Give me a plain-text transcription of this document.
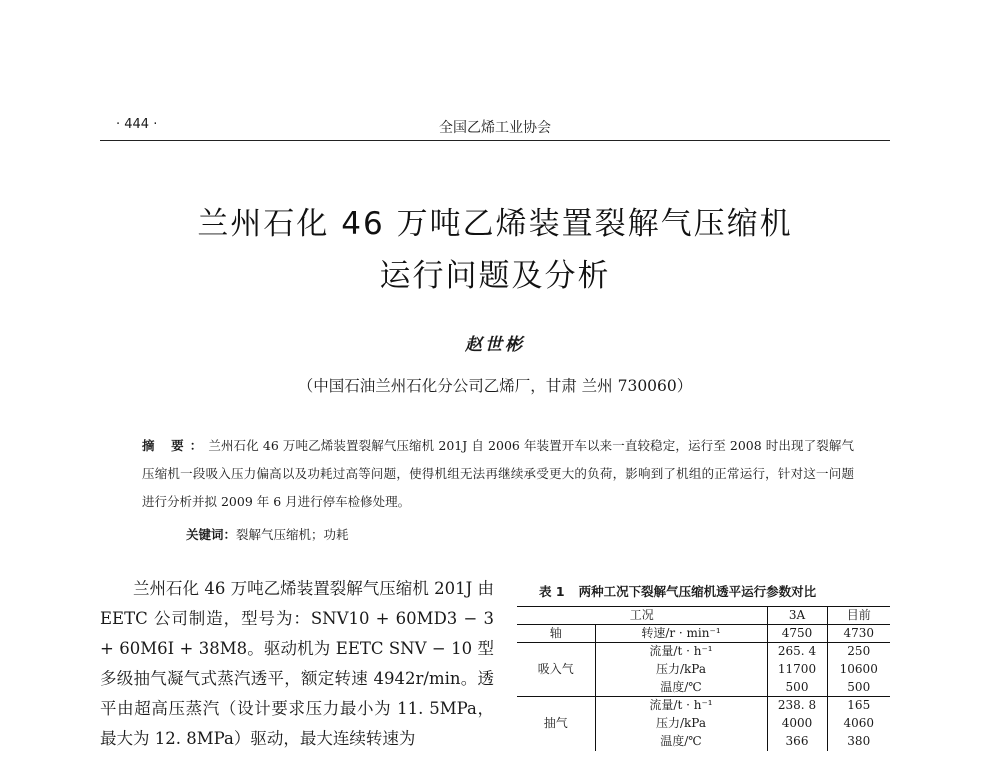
· 444 ·	全国乙烯工业协会
兰州石化 46 万吨乙烯装置裂解气压缩机
运行问题及分析
赵世彬
（中国石油兰州石化分公司乙烯厂，甘肃 兰州 730060）
摘 要：兰州石化 46 万吨乙烯装置裂解气压缩机 201J 自 2006 年装置开车以来一直较稳定，运行至 2008 时出现了裂解气压缩机一段吸入压力偏高以及功耗过高等问题，使得机组无法再继续承受更大的负荷，影响到了机组的正常运行，针对这一问题进行分析并拟 2009 年 6 月进行停车检修处理。
关键词：裂解气压缩机；功耗

兰州石化 46 万吨乙烯装置裂解气压缩机 201J 由 EETC 公司制造，型号为：SNV10 + 60MD3 − 3 + 60M6I + 38M8。驱动机为 EETC SNV − 10 型多级抽气凝气式蒸汽透平，额定转速 4942r/min。透平由超高压蒸汽（设计要求压力最小为 11. 5MPa，最大为 12. 8MPa）驱动，最大连续转速为

表 1 两种工况下裂解气压缩机透平运行参数对比
工况		3A	目前
轴	转速/r · min⁻¹	4750	4730
吸入气	流量/t · h⁻¹	265. 4	250
	压力/kPa	11700	10600
	温度/℃	500	500
抽气	流量/t · h⁻¹	238. 8	165
	压力/kPa	4000	4060
	温度/℃	366	380
